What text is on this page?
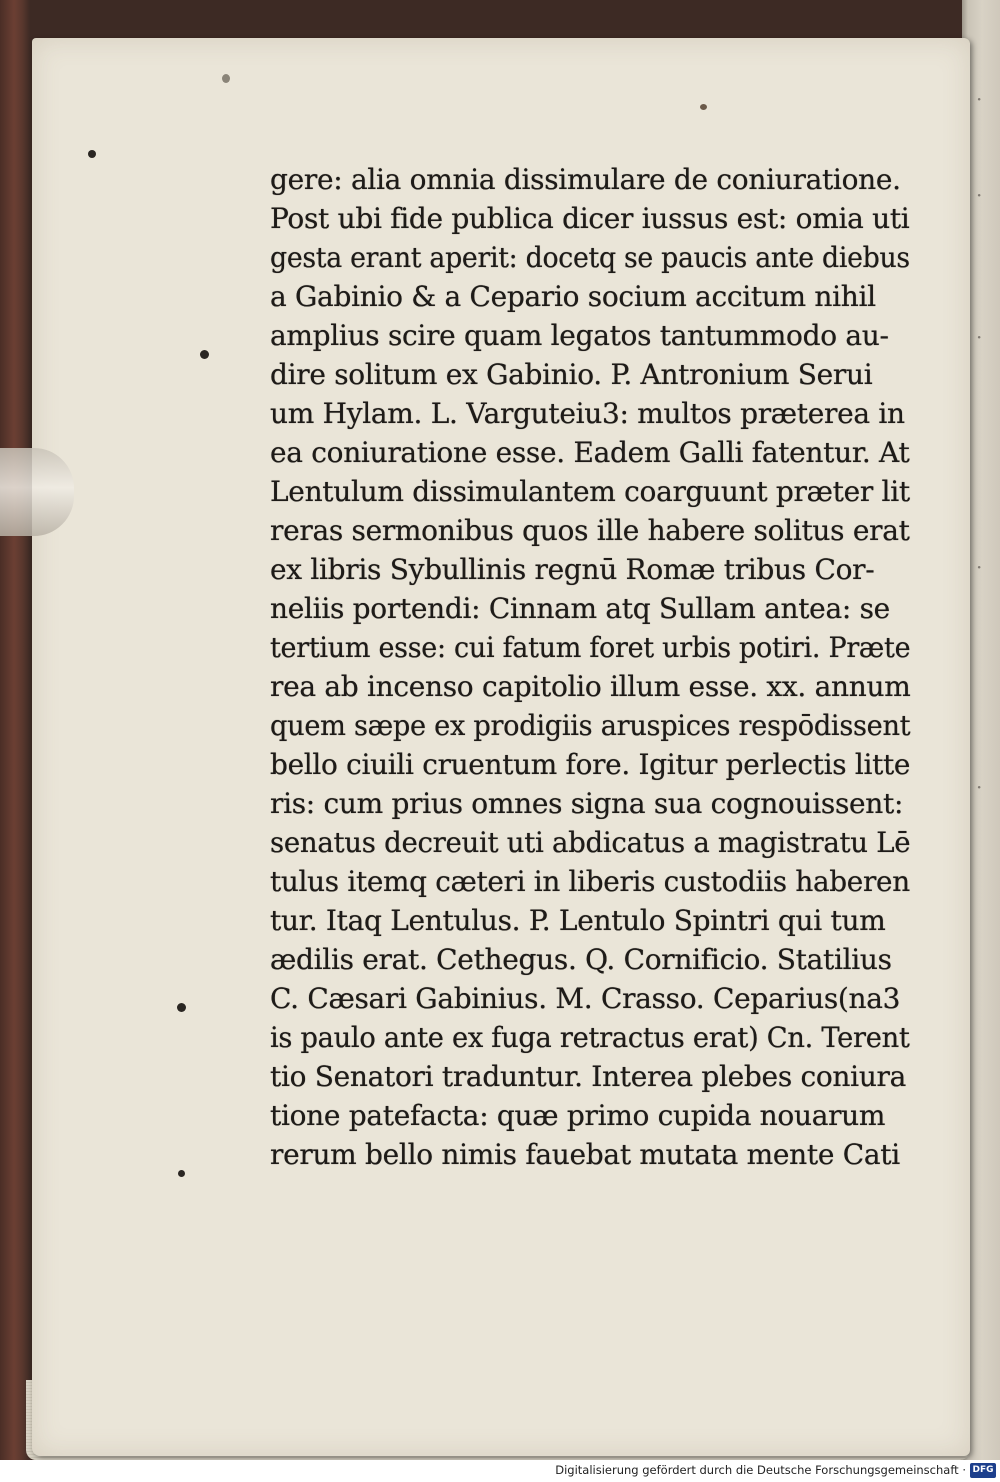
·
·
·
·
·
gere: alia omnia dissimulare de coniuratione.
Post ubi fide publica dicer iussus est: omia uti
gesta erant aperit: docetq se paucis ante diebus
a Gabinio & a Cepario socium accitum nihil
amplius scire quam legatos tantummodo au-
dire solitum ex Gabinio. P. Antronium Serui
um Hylam. L. Varguteiu3: multos præterea in
ea coniuratione esse. Eadem Galli fatentur. At
Lentulum dissimulantem coarguunt præter lit
reras sermonibus quos ille habere solitus erat
ex libris Sybullinis regnū Romæ tribus Cor-
neliis portendi: Cinnam atq Sullam antea: se
tertium esse: cui fatum foret urbis potiri. Præte
rea ab incenso capitolio illum esse. xx. annum
quem sæpe ex prodigiis aruspices respōdissent
bello ciuili cruentum fore. Igitur perlectis litte
ris: cum prius omnes signa sua cognouissent:
senatus decreuit uti abdicatus a magistratu Lē
tulus itemq cæteri in liberis custodiis haberen
tur. Itaq Lentulus. P. Lentulo Spintri qui tum
ædilis erat. Cethegus. Q. Cornificio. Statilius
C. Cæsari Gabinius. M. Crasso. Ceparius(na3
is paulo ante ex fuga retractus erat) Cn. Terent
tio Senatori traduntur. Interea plebes coniura
tione patefacta: quæ primo cupida nouarum
rerum bello nimis fauebat mutata mente Cati
Digitalisierung gefördert durch die Deutsche Forschungsgemeinschaft · DFG
